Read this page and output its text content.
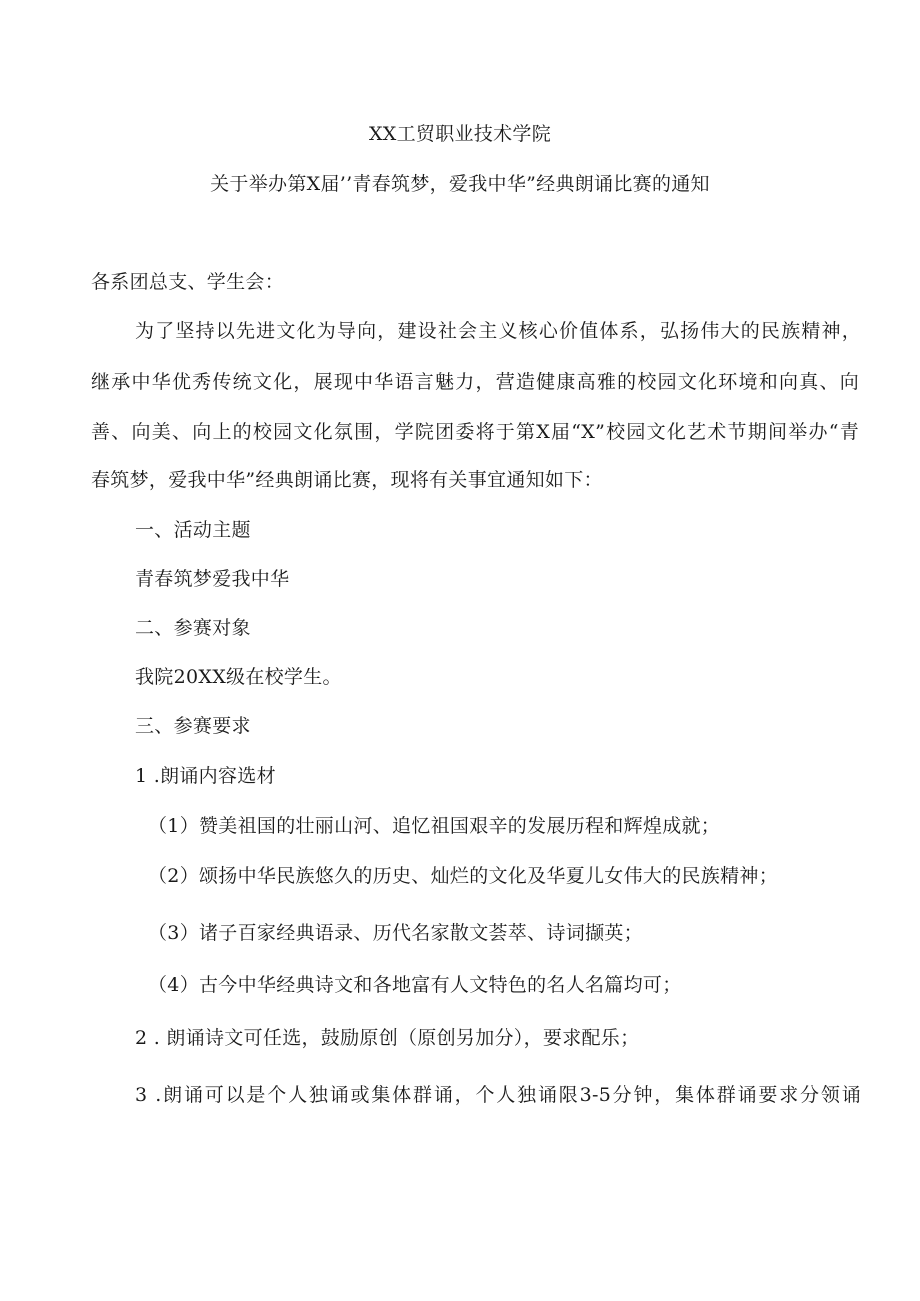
XX工贸职业技术学院
关于举办第X届’’青春筑梦，爱我中华”经典朗诵比赛的通知
各系团总支、学生会：
为了坚持以先进文化为导向，建设社会主义核心价值体系，弘扬伟大的民族精神，
继承中华优秀传统文化，展现中华语言魅力，营造健康高雅的校园文化环境和向真、向
善、向美、向上的校园文化氛围，学院团委将于第X届“X”校园文化艺术节期间举办“青
春筑梦，爱我中华”经典朗诵比赛，现将有关事宜通知如下：
一、活动主题
青春筑梦爱我中华
二、参赛对象
我院20XX级在校学生。
三、参赛要求
1 .朗诵内容选材
（1）赞美祖国的壮丽山河、追忆祖国艰辛的发展历程和辉煌成就；
（2）颂扬中华民族悠久的历史、灿烂的文化及华夏儿女伟大的民族精神；
（3）诸子百家经典语录、历代名家散文荟萃、诗词撷英；
（4）古今中华经典诗文和各地富有人文特色的名人名篇均可；
2 . 朗诵诗文可任选，鼓励原创（原创另加分），要求配乐；
3 .朗诵可以是个人独诵或集体群诵，个人独诵限3-5分钟，集体群诵要求分领诵
